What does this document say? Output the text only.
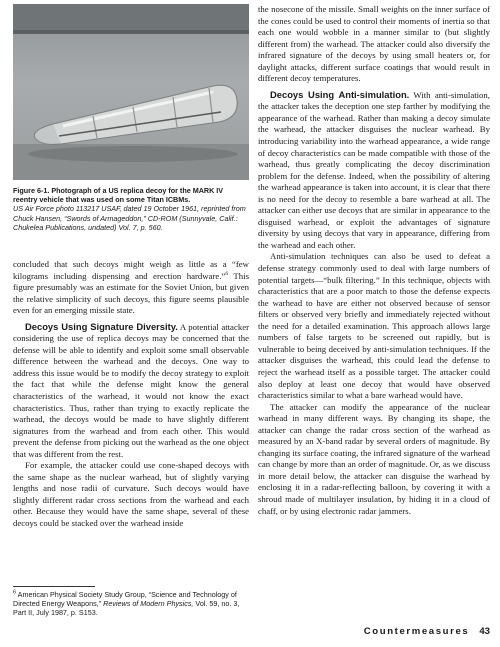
Figure 6-1. Photograph of a US replica decoy for the MARK IV reentry vehicle that was used on some Titan ICBMs.
US Air Force photo 113217 USAF, dated 19 October 1961, reprinted from Chuck Hansen, “Swords of Armageddon,” CD-ROM (Sunnyvale, Calif.: Chukelea Publications, undated) Vol. 7, p. 560.

concluded that such decoys might weigh as little as a “few kilograms including dispensing and erection hardware.”$^6$ This figure presumably was an estimate for the Soviet Union, but given the relative simplicity of such decoys, this figure seems plausible even for an emerging missile state.

Decoys Using Signature Diversity. A potential attacker considering the use of replica decoys may be concerned that the defense will be able to identify and exploit some small observable difference between the warhead and the decoys. One way to address this issue would be to modify the decoy strategy to exploit the fact that while the defense might know the general characteristics of the warhead, it would not know the exact characteristics. Thus, rather than trying to exactly replicate the warhead, the decoys would be made to have slightly different signatures from the warhead and from each other. This would prevent the defense from picking out the warhead as the one object that was different from the rest.

For example, the attacker could use cone-shaped decoys with the same shape as the nuclear warhead, but of slightly varying lengths and nose radii of curvature. Such decoys would have slightly different radar cross sections from the warhead and each other. Because they would have the same shape, several of these decoys could be stacked over the warhead inside

$^6$ American Physical Society Study Group, “Science and Technology of Directed Energy Weapons,” Reviews of Modern Physics, Vol. 59, no. 3, Part II, July 1987, p. S153.

the nosecone of the missile. Small weights on the inner surface of the cones could be used to control their moments of inertia so that each one would wobble in a manner similar to (but slightly different from) the warhead. The attacker could also diversify the infrared signature of the decoys by using small heaters or, for daylight attacks, different surface coatings that would result in different decoy temperatures.

Decoys Using Anti-simulation. With anti-simulation, the attacker takes the deception one step farther by modifying the appearance of the warhead. Rather than making a decoy simulate the warhead, the attacker disguises the nuclear warhead. By introducing variability into the warhead appearance, a wide range of decoy characteristics can be made compatible with those of the warhead, thus greatly complicating the decoy discrimination problem for the defense. Indeed, when the possibility of altering the warhead appearance is taken into account, it is clear that there is no need for the decoy to resemble a bare warhead at all. The attacker can either use decoys that are similar in appearance to the disguised warhead, or exploit the advantages of signature diversity by using decoys that vary in appearance, differing from the warhead and each other.

Anti-simulation techniques can also be used to defeat a defense strategy commonly used to deal with large numbers of potential targets—“bulk filtering.” In this technique, objects with characteristics that are a poor match to those the defense expects the warhead to have are either not observed because of sensor filters or observed very briefly and immediately rejected without the need for a detailed examination. This approach allows large numbers of false targets to be screened out rapidly, but is vulnerable to being deceived by anti-simulation techniques. If the attacker disguises the warhead, this could lead the defense to reject the warhead itself as a possible target. The attacker could also deploy at least one decoy that would have observed characteristics similar to what a bare warhead would have.

The attacker can modify the appearance of the nuclear warhead in many different ways. By changing its shape, the attacker can change the radar cross section of the warhead as measured by an X-band radar by several orders of magnitude. By changing its surface coating, the infrared signature of the warhead can change by more than an order of magnitude. Or, as we discuss in more detail below, the attacker can disguise the warhead by enclosing it in a radar-reflecting balloon, by covering it with a shroud made of multilayer insulation, by hiding it in a cloud of chaff, or by using electronic radar jammers.

Countermeasures 43
